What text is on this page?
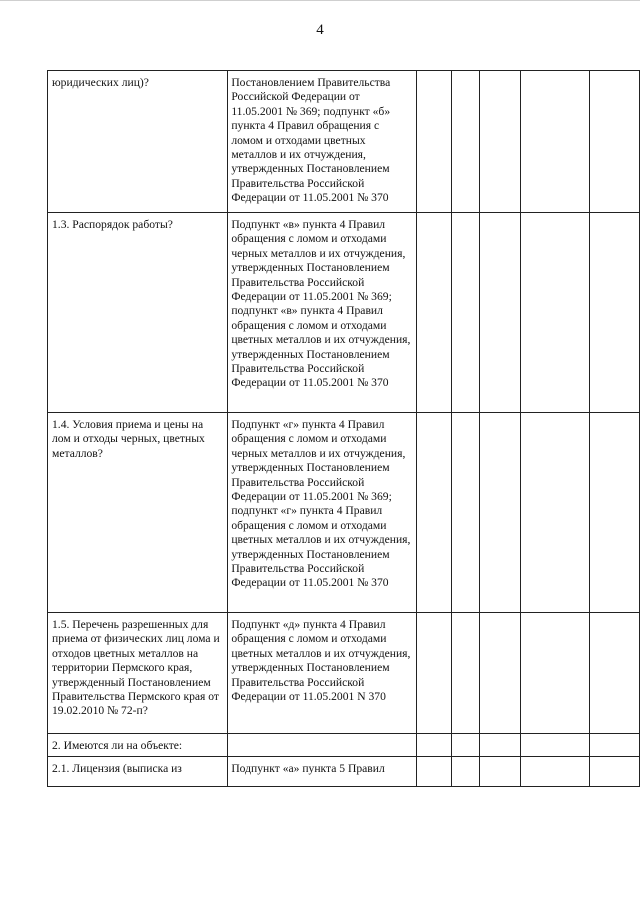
4
юридических лиц)?	Постановлением Правительства Российской Федерации от 11.05.2001 № 369; подпункт «б» пункта 4 Правил обращения с ломом и отходами цветных металлов и их отчуждения, утвержденных Постановлением Правительства Российской Федерации от 11.05.2001 № 370					
1.3. Распорядок работы?	Подпункт «в» пункта 4 Правил обращения с ломом и отходами черных металлов и их отчуждения, утвержденных Постановлением Правительства Российской Федерации от 11.05.2001 № 369; подпункт «в» пункта 4 Правил обращения с ломом и отходами цветных металлов и их отчуждения, утвержденных Постановлением Правительства Российской Федерации от 11.05.2001 № 370					
1.4. Условия приема и цены на лом и отходы черных, цветных металлов?	Подпункт «г» пункта 4 Правил обращения с ломом и отходами черных металлов и их отчуждения, утвержденных Постановлением Правительства Российской Федерации от 11.05.2001 № 369; подпункт «г» пункта 4 Правил обращения с ломом и отходами цветных металлов и их отчуждения, утвержденных Постановлением Правительства Российской Федерации от 11.05.2001 № 370					
1.5. Перечень разрешенных для приема от физических лиц лома и отходов цветных металлов на территории Пермского края, утвержденный Постановлением Правительства Пермского края от 19.02.2010 № 72-п?	Подпункт «д» пункта 4 Правил обращения с ломом и отходами цветных металлов и их отчуждения, утвержденных Постановлением Правительства Российской Федерации от 11.05.2001 N 370					
2. Имеются ли на объекте:						
2.1. Лицензия (выписка из	Подпункт «а» пункта 5 Правил					
